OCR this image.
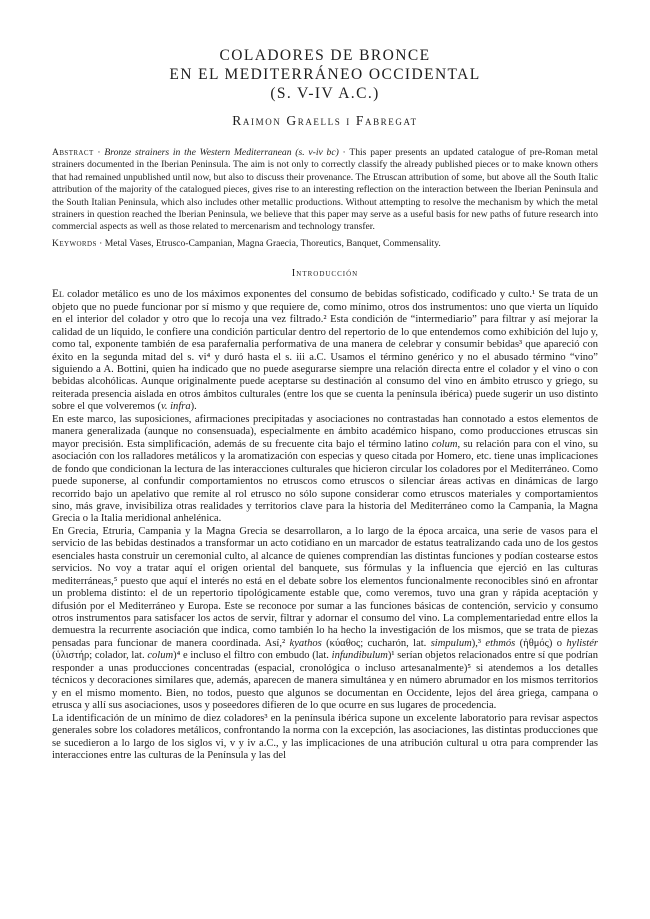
COLADORES DE BRONCE
EN EL MEDITERRÁNEO OCCIDENTAL
(S. V-IV A.C.)
Raimon Graells i Fabregat

Abstract · Bronze strainers in the Western Mediterranean (s. v-iv bc) · This paper presents an updated catalogue of pre-Roman metal strainers documented in the Iberian Peninsula. The aim is not only to correctly classify the already published pieces or to make known others that had remained unpublished until now, but also to discuss their provenance. The Etruscan attribution of some, but above all the South Italic attribution of the majority of the catalogued pieces, gives rise to an interesting reflection on the interaction between the Iberian Peninsula and the South Italian Peninsula, which also includes other metallic productions. Without attempting to resolve the mechanism by which the metal strainers in question reached the Iberian Peninsula, we believe that this paper may serve as a useful basis for new paths of future research into commercial aspects as well as those related to mercenarism and technology transfer.

Keywords · Metal Vases, Etrusco-Campanian, Magna Graecia, Thoreutics, Banquet, Commensality.

Introducción

El colador metálico es uno de los máximos exponentes del consumo de bebidas sofisticado, codificado y culto.¹ Se trata de un objeto que no puede funcionar por sí mismo y que requiere de, como mínimo, otros dos instrumentos: uno que vierta un líquido en el interior del colador y otro que lo recoja una vez filtrado.² Esta condición de “intermediario” para filtrar y así mejorar la calidad de un líquido, le confiere una condición particular dentro del repertorio de lo que entendemos como exhibición del lujo y, como tal, exponente también de esa parafernalia performativa de una manera de celebrar y consumir bebidas³ que apareció con éxito en la segunda mitad del s. vi⁴ y duró hasta el s. iii a.C. Usamos el término genérico y no el abusado término “vino” siguiendo a A. Bottini, quien ha indicado que no puede asegurarse siempre una relación directa entre el colador y el vino o con bebidas alcohólicas. Aunque originalmente puede aceptarse su destinación al consumo del vino en ámbito etrusco y griego, su reiterada presencia aislada en otros ámbitos culturales (entre los que se cuenta la península ibérica) puede sugerir un uso distinto sobre el que volveremos (v. infra).

En este marco, las suposiciones, afirmaciones precipitadas y asociaciones no contrastadas han connotado a estos elementos de manera generalizada (aunque no consensuada), especialmente en ámbito académico hispano, como producciones etruscas sin mayor precisión. Esta simplificación, además de su frecuente cita bajo el término latino colum, su relación para con el vino, su asociación con los ralladores metálicos y la aromatización con especias y queso citada por Homero, etc. tiene unas implicaciones de fondo que condicionan la lectura de las interacciones culturales que hicieron circular los coladores por el Mediterráneo. Como puede suponerse, al confundir comportamientos no etruscos como etruscos o silenciar áreas activas en dinámicas de largo recorrido bajo un apelativo que remite al rol etrusco no sólo supone considerar como etruscos materiales y comportamientos sino, más grave, invisibiliza otras realidades y territorios clave para la historia del Mediterráneo como la Campania, la Magna Grecia o la Italia meridional anhelénica.

En Grecia, Etruria, Campania y la Magna Grecia se desarrollaron, a lo largo de la época arcaica, una serie de vasos para el servicio de las bebidas destinados a transformar un acto cotidiano en un marcador de estatus teatralizando cada uno de los gestos esenciales hasta construir un ceremonial culto, al alcance de quienes comprendían las distintas funciones y podían costearse estos servicios. No voy a tratar aquí el origen oriental del banquete, sus fórmulas y la influencia que ejerció en las culturas mediterráneas,⁵ puesto que aquí el interés no está en el debate sobre los elementos funcionalmente reconocibles sinó en afrontar un problema distinto: el de un repertorio tipológicamente estable que, como veremos, tuvo una gran y rápida aceptación y difusión por el Mediterráneo y Europa. Este se reconoce por sumar a las funciones básicas de contención, servicio y consumo otros instrumentos para satisfacer los actos de servir, filtrar y adornar el consumo del vino. La complementariedad entre ellos la demuestra la recurrente asociación que indica, como también lo ha hecho la investigación de los mismos, que se trata de piezas pensadas para funcionar de manera coordinada. Así,² kyathos (κύαθος; cucharón, lat. simpulum),³ ethmós (ἠθμός) o hylistér (ὑλιστήρ; colador, lat. colum)⁴ e incluso el filtro con embudo (lat. infundibulum)¹ serían objetos relacionados entre sí que podrían responder a unas producciones concentradas (espacial, cronológica o incluso artesanalmente)⁵ si atendemos a los detalles técnicos y decoraciones similares que, además, aparecen de manera simultánea y en número abrumador en los mismos territorios y en el mismo momento. Bien, no todos, puesto que algunos se documentan en Occidente, lejos del área griega, campana o etrusca y allí sus asociaciones, usos y poseedores difieren de lo que ocurre en sus lugares de procedencia.

La identificación de un mínimo de diez coladores³ en la península ibérica supone un excelente laboratorio para revisar aspectos generales sobre los coladores metálicos, confrontando la norma con la excepción, las asociaciones, las distintas producciones que se sucedieron a lo largo de los siglos vi, v y iv a.C., y las implicaciones de una atribución cultural u otra para comprender las interacciones entre las culturas de la Península y las del
